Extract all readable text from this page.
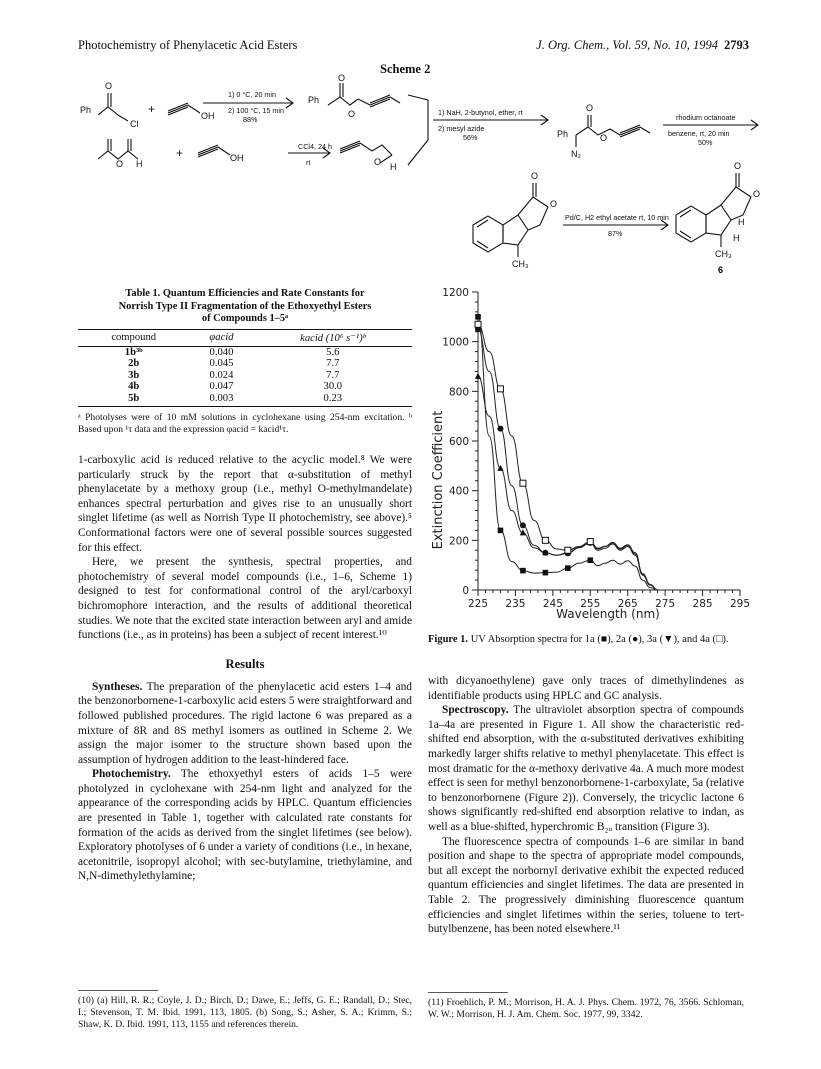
Photochemistry of Phenylacetic Acid Esters	J. Org. Chem., Vol. 59, No. 10, 1994 2793
Scheme 2
Ph
Cl
+	OH
Ph
O
O
O
H
O
+	OH
H
O
Ph	O
N₂
O
O
O
CH₃
O
O
H
H
CH₃
1) 0 °C, 20 min
2) 100 °C, 15 min
88%
CCl4, 24 h
rt
1) NaH, 2-butynol, ether, rt
2) mesyl azide
56%
rhodium octanoate
benzene, rt, 20 min
50%
Pd/C, H2 ethyl acetate rt, 10 min
87%
6
Table 1. Quantum Efficiencies and Rate Constants for
Norrish Type II Fragmentation of the Ethoxyethyl Esters
of Compounds 1–5ᵃ
compound	φacid	kacid (10⁶ s⁻¹)ᵇ
1b³ᵇ	0.040	5.6
2b	0.045	7.7
3b	0.024	7.7
4b	0.047	30.0
5b	0.003	0.23
ᵃ Photolyses were of 10 mM solutions in cyclohexane using 254-nm excitation. ᵇ Based upon ¹τ data and the expression φacid = kacid¹τ.

1-carboxylic acid is reduced relative to the acyclic model.⁸ We were particularly struck by the report that α-substitution of methyl phenylacetate by a methoxy group (i.e., methyl O-methylmandelate) enhances spectral perturbation and gives rise to an unusually short singlet lifetime (as well as Norrish Type II photochemistry, see above).⁵ Conformational factors were one of several possible sources suggested for this effect.

Here, we present the synthesis, spectral properties, and photochemistry of several model compounds (i.e., 1–6, Scheme 1) designed to test for conformational control of the aryl/carboxyl bichromophore interaction, and the results of additional theoretical studies. We note that the excited state interaction between aryl and amide functions (i.e., as in proteins) has been a subject of recent interest.¹⁰

Results

Syntheses. The preparation of the phenylacetic acid esters 1–4 and the benzonorbornene-1-carboxylic acid esters 5 were straightforward and followed published procedures. The rigid lactone 6 was prepared as a mixture of 8R and 8S methyl isomers as outlined in Scheme 2. We assign the major isomer to the structure shown based upon the assumption of hydrogen addition to the least-hindered face.

Photochemistry. The ethoxyethyl esters of acids 1–5 were photolyzed in cyclohexane with 254-nm light and analyzed for the appearance of the corresponding acids by HPLC. Quantum efficiencies are presented in Table 1, together with calculated rate constants for formation of the acids as derived from the singlet lifetimes (see below). Exploratory photolyses of 6 under a variety of conditions (i.e., in hexane, acetonitrile, isopropyl alcohol; with sec-butylamine, triethylamine, and N,N-dimethylethylamine;

(10) (a) Hill, R. R.; Coyle, J. D.; Birch, D.; Dawe, E.; Jeffs, G. E.; Randall, D.; Stec, I.; Stevenson, T. M. Ibid. 1991, 113, 1805. (b) Song, S.; Asher, S. A.; Krimm, S.; Shaw, K. D. Ibid. 1991, 113, 1155 and references therein.
0
200
400
600
800
1000
1200
225 235 245 255 265 275 285 295
Extinction Coefficient
Wavelength (nm)
Figure 1. UV Absorption spectra for 1a (■), 2a (●), 3a (▼), and 4a (□).

with dicyanoethylene) gave only traces of dimethylindenes as identifiable products using HPLC and GC analysis.

Spectroscopy. The ultraviolet absorption spectra of compounds 1a–4a are presented in Figure 1. All show the characteristic red-shifted end absorption, with the α-substituted derivatives exhibiting markedly larger shifts relative to methyl phenylacetate. This effect is most dramatic for the α-methoxy derivative 4a. A much more modest effect is seen for methyl benzonorbornene-1-carboxylate, 5a (relative to benzonorbornene (Figure 2)). Conversely, the tricyclic lactone 6 shows significantly red-shifted end absorption relative to indan, as well as a blue-shifted, hyperchromic B₂ᵤ transition (Figure 3).

The fluorescence spectra of compounds 1–6 are similar in band position and shape to the spectra of appropriate model compounds, but all except the norbornyl derivative exhibit the expected reduced quantum efficiencies and singlet lifetimes. The data are presented in Table 2. The progressively diminishing fluorescence quantum efficiencies and singlet lifetimes within the series, toluene to tert-butylbenzene, has been noted elsewhere.¹¹

(11) Froehlich, P. M.; Morrison, H. A. J. Phys. Chem. 1972, 76, 3566. Schloman, W. W.; Morrison, H. J. Am. Chem. Soc. 1977, 99, 3342.
